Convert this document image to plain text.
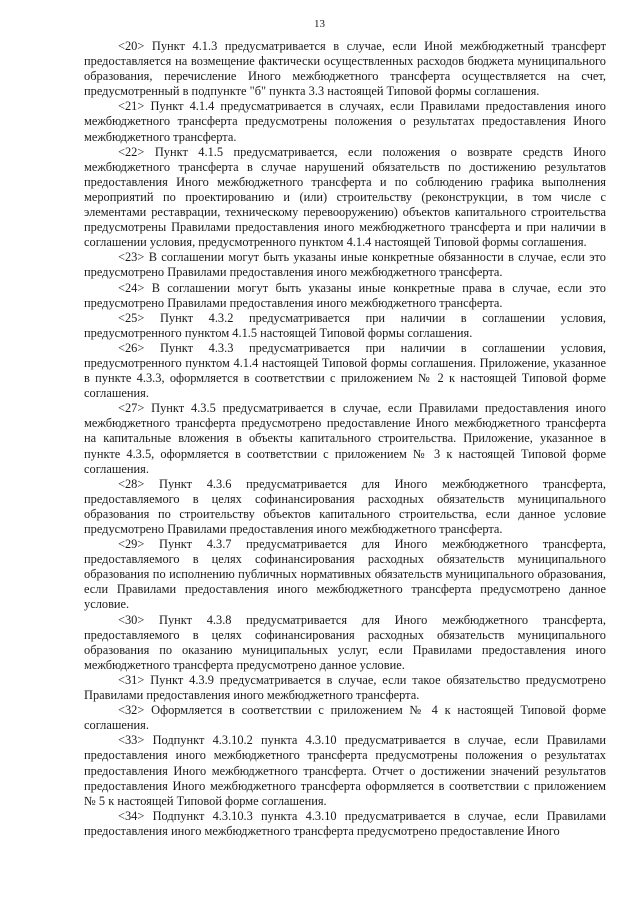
13

<20> Пункт 4.1.3 предусматривается в случае, если Иной межбюджетный трансферт предоставляется на возмещение фактически осуществленных расходов бюджета муниципального образования, перечисление Иного межбюджетного трансферта осуществляется на счет, предусмотренный в подпункте "б" пункта 3.3 настоящей Типовой формы соглашения.

<21> Пункт 4.1.4 предусматривается в случаях, если Правилами предоставления иного межбюджетного трансферта предусмотрены положения о результатах предоставления Иного межбюджетного трансферта.

<22> Пункт 4.1.5 предусматривается, если положения о возврате средств Иного межбюджетного трансферта в случае нарушений обязательств по достижению результатов предоставления Иного межбюджетного трансферта и по соблюдению графика выполнения мероприятий по проектированию и (или) строительству (реконструкции, в том числе с элементами реставрации, техническому перевооружению) объектов капитального строительства предусмотрены Правилами предоставления иного межбюджетного трансферта и при наличии в соглашении условия, предусмотренного пунктом 4.1.4 настоящей Типовой формы соглашения.

<23> В соглашении могут быть указаны иные конкретные обязанности в случае, если это предусмотрено Правилами предоставления иного межбюджетного трансферта.

<24> В соглашении могут быть указаны иные конкретные права в случае, если это предусмотрено Правилами предоставления иного межбюджетного трансферта.

<25> Пункт 4.3.2 предусматривается при наличии в соглашении условия, предусмотренного пунктом 4.1.5 настоящей Типовой формы соглашения.

<26> Пункт 4.3.3 предусматривается при наличии в соглашении условия, предусмотренного пунктом 4.1.4 настоящей Типовой формы соглашения. Приложение, указанное в пункте 4.3.3, оформляется в соответствии с приложением № 2 к настоящей Типовой форме соглашения.

<27> Пункт 4.3.5 предусматривается в случае, если Правилами предоставления иного межбюджетного трансферта предусмотрено предоставление Иного межбюджетного трансферта на капитальные вложения в объекты капитального строительства. Приложение, указанное в пункте 4.3.5, оформляется в соответствии с приложением № 3 к настоящей Типовой форме соглашения.

<28> Пункт 4.3.6 предусматривается для Иного межбюджетного трансферта, предоставляемого в целях софинансирования расходных обязательств муниципального образования по строительству объектов капитального строительства, если данное условие предусмотрено Правилами предоставления иного межбюджетного трансферта.

<29> Пункт 4.3.7 предусматривается для Иного межбюджетного трансферта, предоставляемого в целях софинансирования расходных обязательств муниципального образования по исполнению публичных нормативных обязательств муниципального образования, если Правилами предоставления иного межбюджетного трансферта предусмотрено данное условие.

<30> Пункт 4.3.8 предусматривается для Иного межбюджетного трансферта, предоставляемого в целях софинансирования расходных обязательств муниципального образования по оказанию муниципальных услуг, если Правилами предоставления иного межбюджетного трансферта предусмотрено данное условие.

<31> Пункт 4.3.9 предусматривается в случае, если такое обязательство предусмотрено Правилами предоставления иного межбюджетного трансферта.

<32> Оформляется в соответствии с приложением № 4 к настоящей Типовой форме соглашения.

<33> Подпункт 4.3.10.2 пункта 4.3.10 предусматривается в случае, если Правилами предоставления иного межбюджетного трансферта предусмотрены положения о результатах предоставления Иного межбюджетного трансферта. Отчет о достижении значений результатов предоставления Иного межбюджетного трансферта оформляется в соответствии с приложением № 5 к настоящей Типовой форме соглашения.

<34> Подпункт 4.3.10.3 пункта 4.3.10 предусматривается в случае, если Правилами предоставления иного межбюджетного трансферта предусмотрено предоставление Иного
